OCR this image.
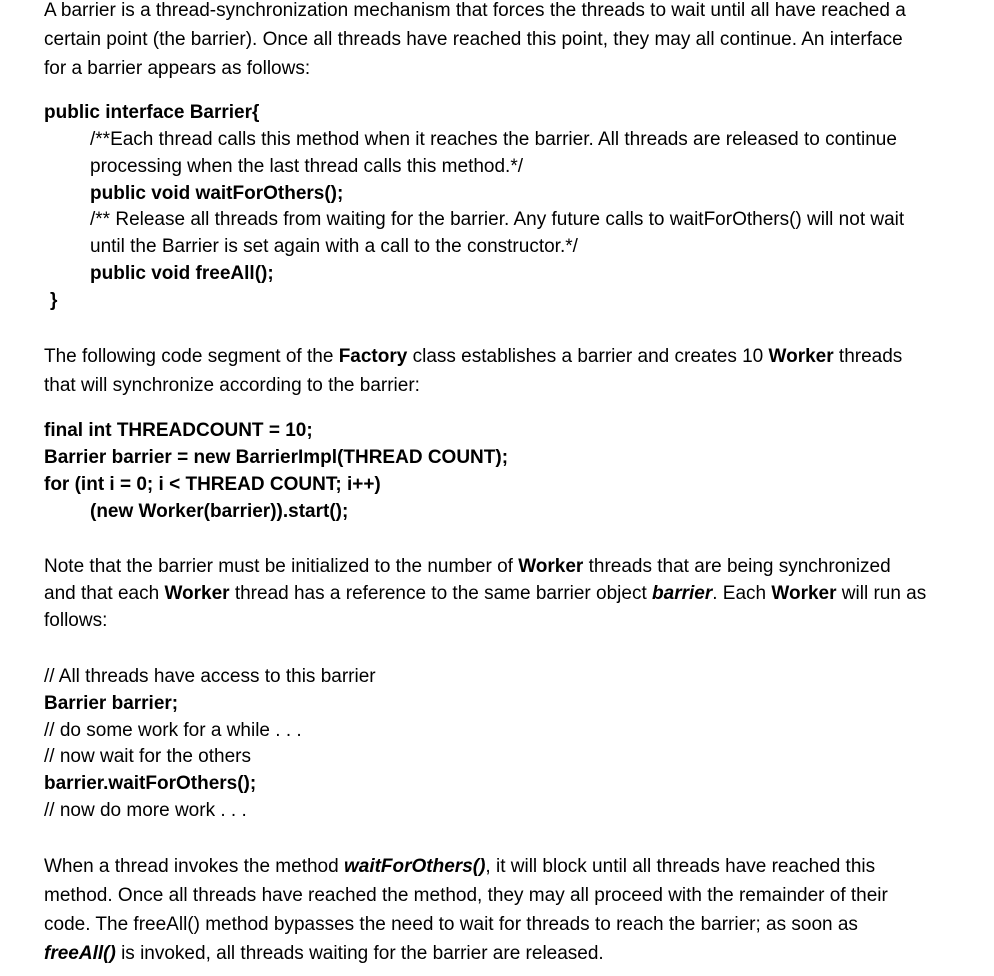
A barrier is a thread-synchronization mechanism that forces the threads to wait until all have reached a
certain point (the barrier). Once all threads have reached this point, they may all continue. An interface
for a barrier appears as follows:
public interface Barrier{
/**Each thread calls this method when it reaches the barrier. All threads are released to continue
processing when the last thread calls this method.*/
public void waitForOthers();
/** Release all threads from waiting for the barrier. Any future calls to waitForOthers() will not wait
until the Barrier is set again with a call to the constructor.*/
public void freeAll();
}
The following code segment of the Factory class establishes a barrier and creates 10 Worker threads
that will synchronize according to the barrier:
final int THREADCOUNT = 10;
Barrier barrier = new BarrierImpl(THREAD COUNT);
for (int i = 0; i < THREAD COUNT; i++)
(new Worker(barrier)).start();
Note that the barrier must be initialized to the number of Worker threads that are being synchronized
and that each Worker thread has a reference to the same barrier object barrier. Each Worker will run as
follows:
// All threads have access to this barrier
Barrier barrier;
// do some work for a while . . .
// now wait for the others
barrier.waitForOthers();
// now do more work . . .
When a thread invokes the method waitForOthers(), it will block until all threads have reached this
method. Once all threads have reached the method, they may all proceed with the remainder of their
code. The freeAll() method bypasses the need to wait for threads to reach the barrier; as soon as
freeAll() is invoked, all threads waiting for the barrier are released.
